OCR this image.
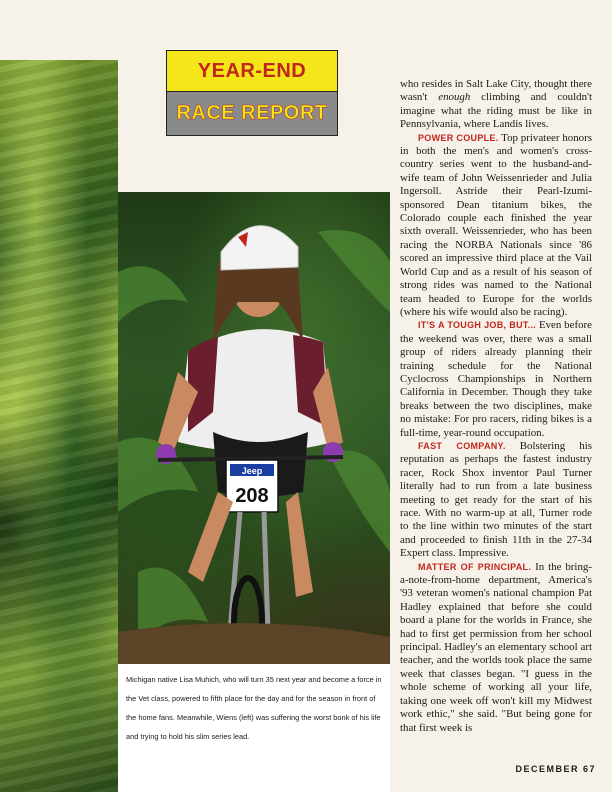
YEAR-END
RACE REPORT
Jeep
208
Michigan native Lisa Muhich, who will turn 35 next year and become a force in the Vet class, powered to fifth place for the day and for the season in front of the home fans. Meanwhile, Wiens (left) was suffering the worst bonk of his life and trying to hold his slim series lead.

who resides in Salt Lake City, thought there wasn't enough climbing and couldn't imagine what the riding must be like in Pennsylvania, where Landis lives.

POWER COUPLE. Top privateer honors in both the men's and women's cross-country series went to the husband-and-wife team of John Weissenrieder and Julia Ingersoll. Astride their Pearl-Izumi-sponsored Dean titanium bikes, the Colorado couple each finished the year sixth overall. Weissenrieder, who has been racing the NORBA Nationals since '86 scored an impressive third place at the Vail World Cup and as a result of his season of strong rides was named to the National team headed to Europe for the worlds (where his wife would also be racing).

IT'S A TOUGH JOB, BUT... Even before the weekend was over, there was a small group of riders already planning their training schedule for the National Cyclocross Championships in Northern California in December. Though they take breaks between the two disciplines, make no mistake: For pro racers, riding bikes is a full-time, year-round occupation.

FAST COMPANY. Bolstering his reputation as perhaps the fastest industry racer, Rock Shox inventor Paul Turner literally had to run from a late business meeting to get ready for the start of his race. With no warm-up at all, Turner rode to the line within two minutes of the start and proceeded to finish 11th in the 27-34 Expert class. Impressive.

MATTER OF PRINCIPAL. In the bring-a-note-from-home department, America's '93 veteran women's national champion Pat Hadley explained that before she could board a plane for the worlds in France, she had to first get permission from her school principal. Hadley's an elementary school art teacher, and the worlds took place the same week that classes began. "I guess in the whole scheme of working all your life, taking one week off won't kill my Midwest work ethic," she said. "But being gone for that first week is

DECEMBER 67
